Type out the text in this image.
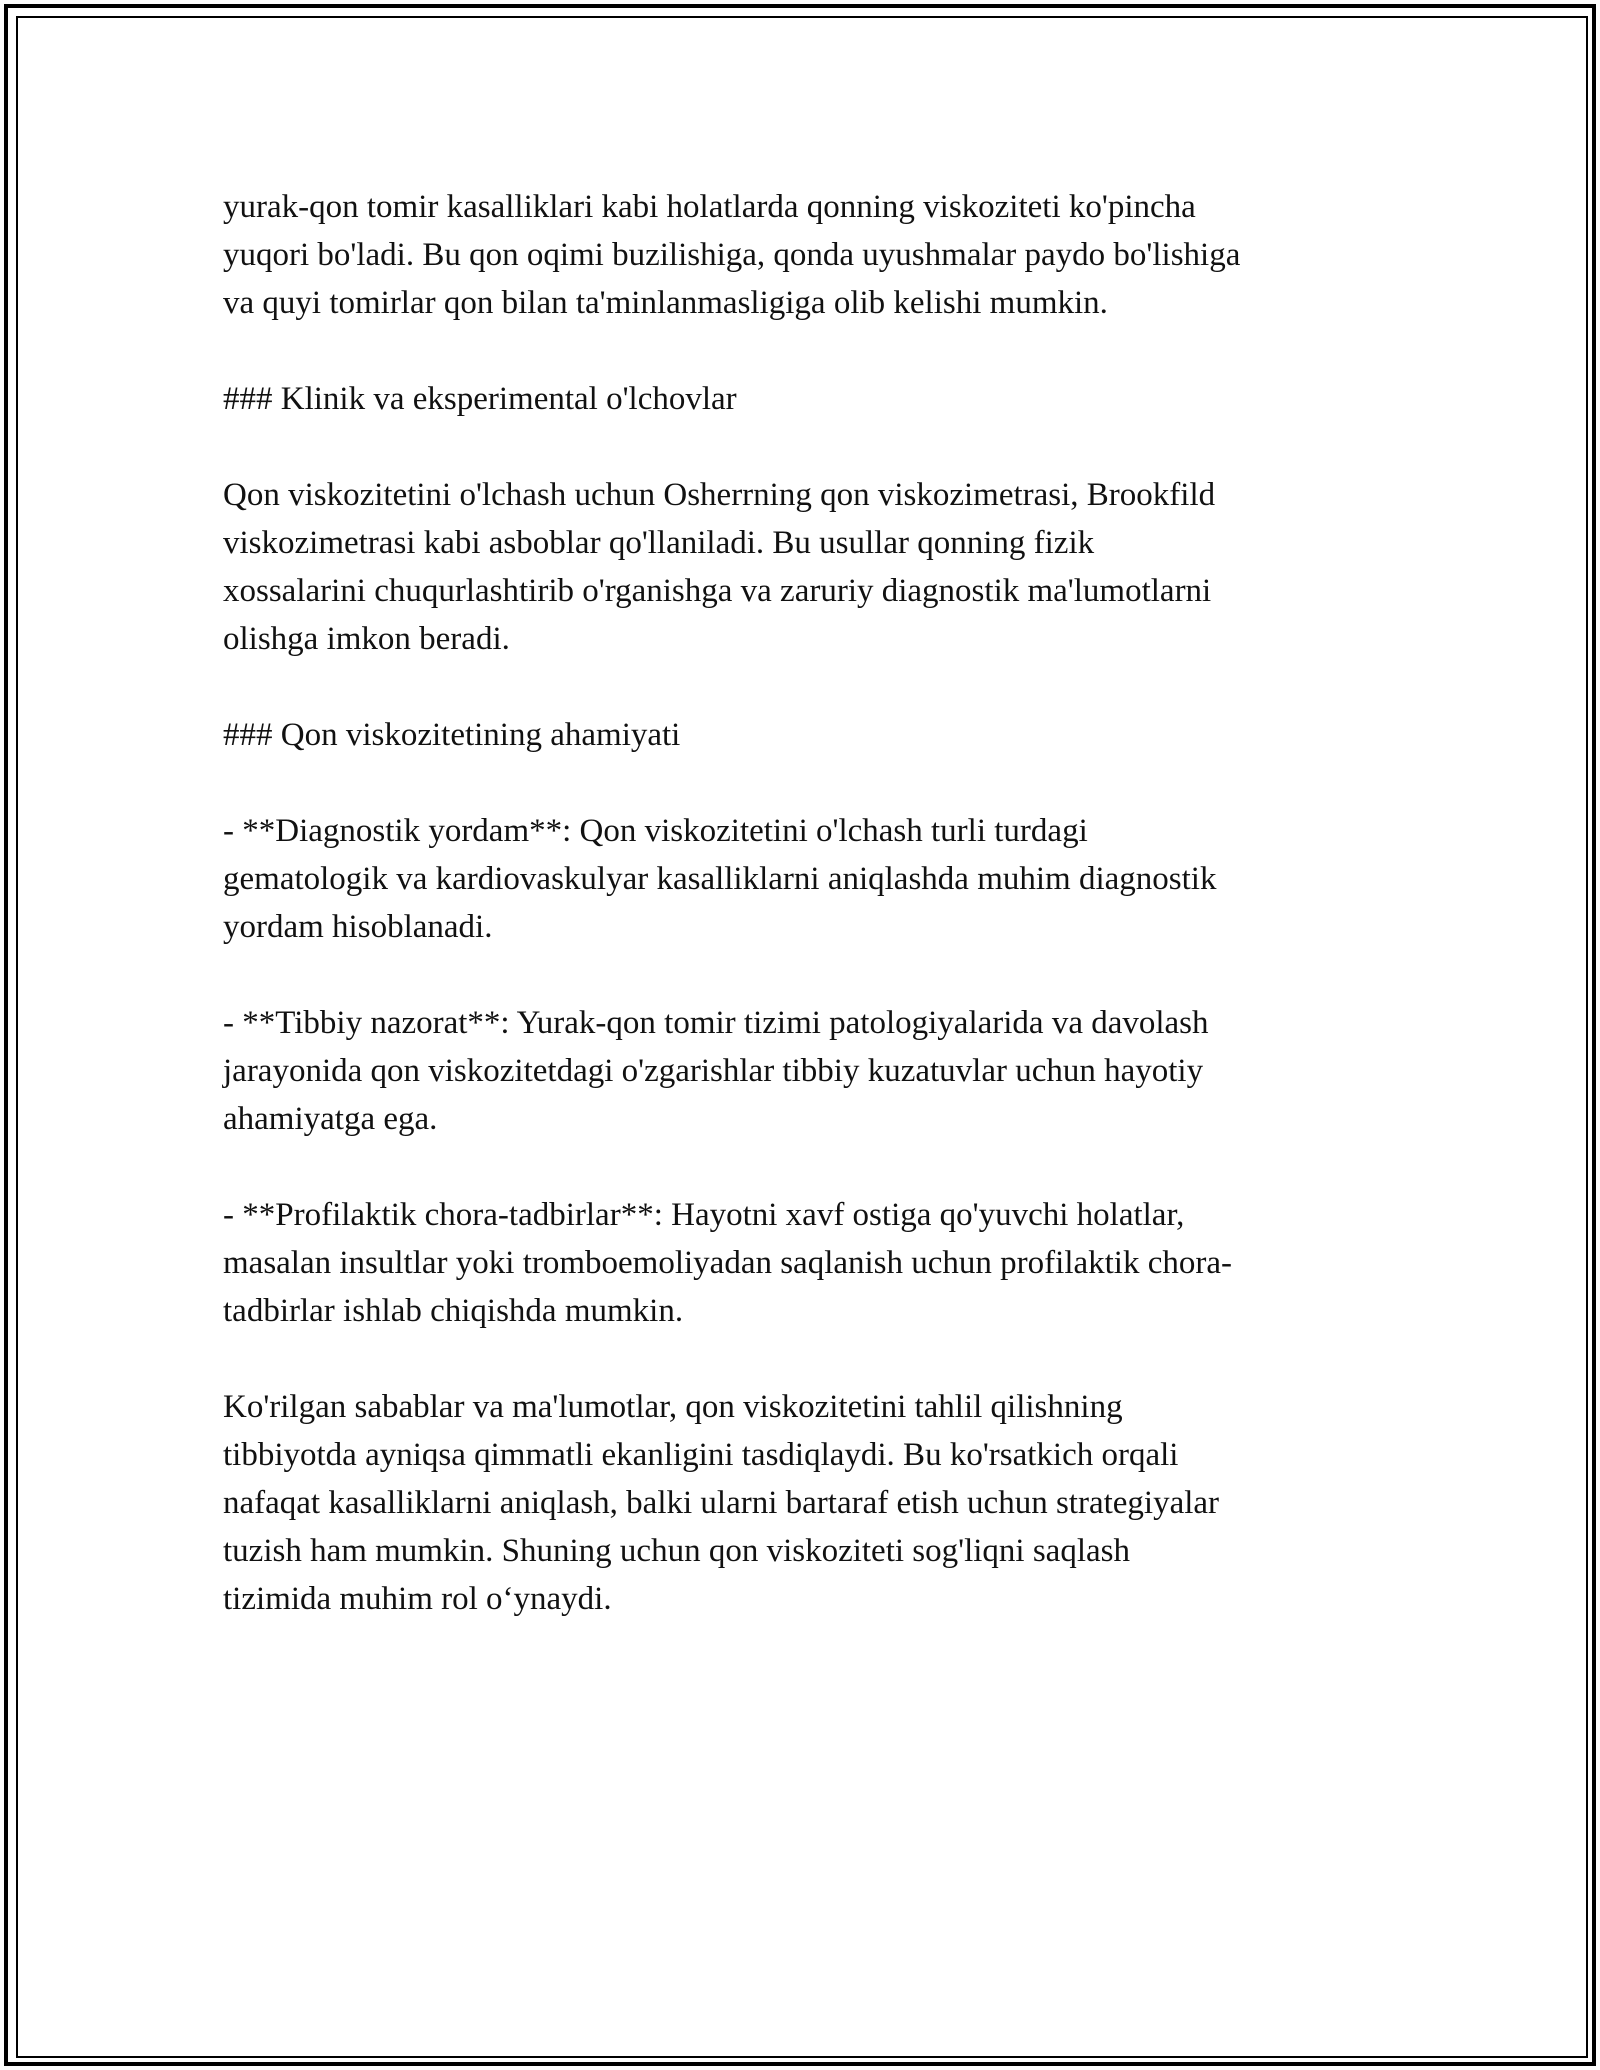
yurak-qon tomir kasalliklari kabi holatlarda qonning viskoziteti ko'pincha
yuqori bo'ladi. Bu qon oqimi buzilishiga, qonda uyushmalar paydo bo'lishiga
va quyi tomirlar qon bilan ta'minlanmasligiga olib kelishi mumkin.

### Klinik va eksperimental o'lchovlar

Qon viskozitetini o'lchash uchun Osherrning qon viskozimetrasi, Brookfild
viskozimetrasi kabi asboblar qo'llaniladi. Bu usullar qonning fizik
xossalarini chuqurlashtirib o'rganishga va zaruriy diagnostik ma'lumotlarni
olishga imkon beradi.

### Qon viskozitetining ahamiyati

- **Diagnostik yordam**: Qon viskozitetini o'lchash turli turdagi
gematologik va kardiovaskulyar kasalliklarni aniqlashda muhim diagnostik
yordam hisoblanadi.

- **Tibbiy nazorat**: Yurak-qon tomir tizimi patologiyalarida va davolash
jarayonida qon viskozitetdagi o'zgarishlar tibbiy kuzatuvlar uchun hayotiy
ahamiyatga ega.

- **Profilaktik chora-tadbirlar**: Hayotni xavf ostiga qo'yuvchi holatlar,
masalan insultlar yoki tromboemoliyadan saqlanish uchun profilaktik chora-
tadbirlar ishlab chiqishda mumkin.

Ko'rilgan sabablar va ma'lumotlar, qon viskozitetini tahlil qilishning
tibbiyotda ayniqsa qimmatli ekanligini tasdiqlaydi. Bu ko'rsatkich orqali
nafaqat kasalliklarni aniqlash, balki ularni bartaraf etish uchun strategiyalar
tuzish ham mumkin. Shuning uchun qon viskoziteti sog'liqni saqlash
tizimida muhim rol o‘ynaydi.
